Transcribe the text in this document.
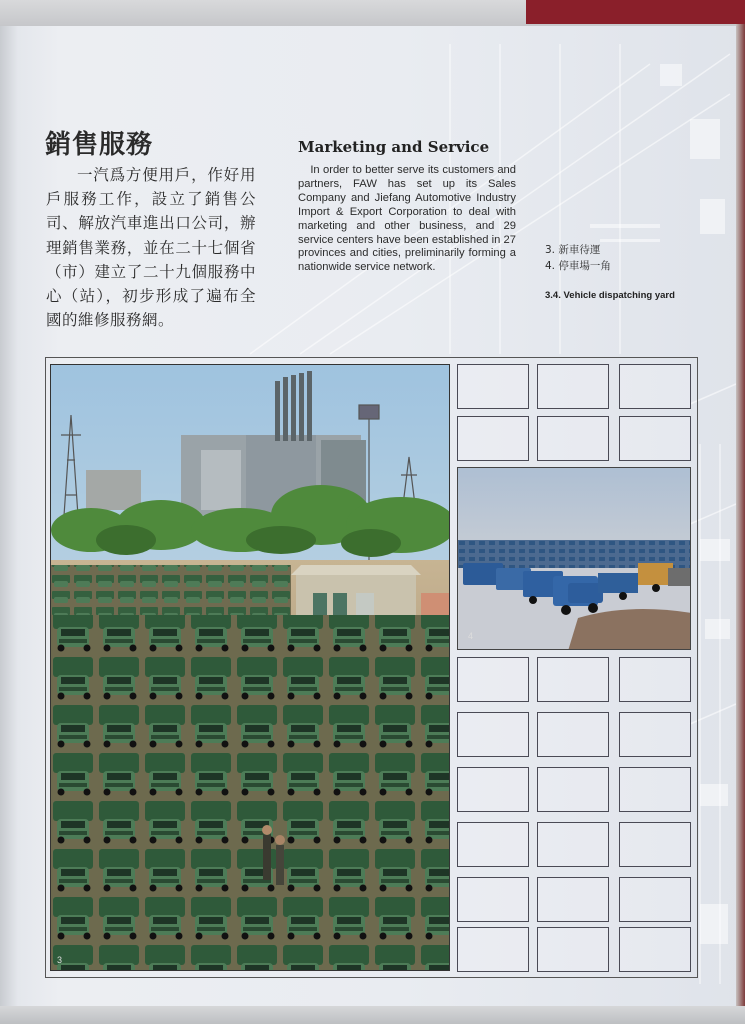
銷售服務

一汽爲方便用戶，作好用戶服務工作，設立了銷售公司、解放汽車進出口公司，辦理銷售業務，並在二十七個省（市）建立了二十九個服務中心（站），初步形成了遍布全國的維修服務網。

Marketing and Service

In order to better serve its customers and partners, FAW has set up its Sales Company and Jiefang Automotive Industry Import & Export Corporation to deal with marketing and other business, and 29 service centers have been established in 27 provinces and cities, preliminarily forming a nationwide service network.

3. 新車待運
4. 停車場一角
3.4. Vehicle dispatching yard
3
4
